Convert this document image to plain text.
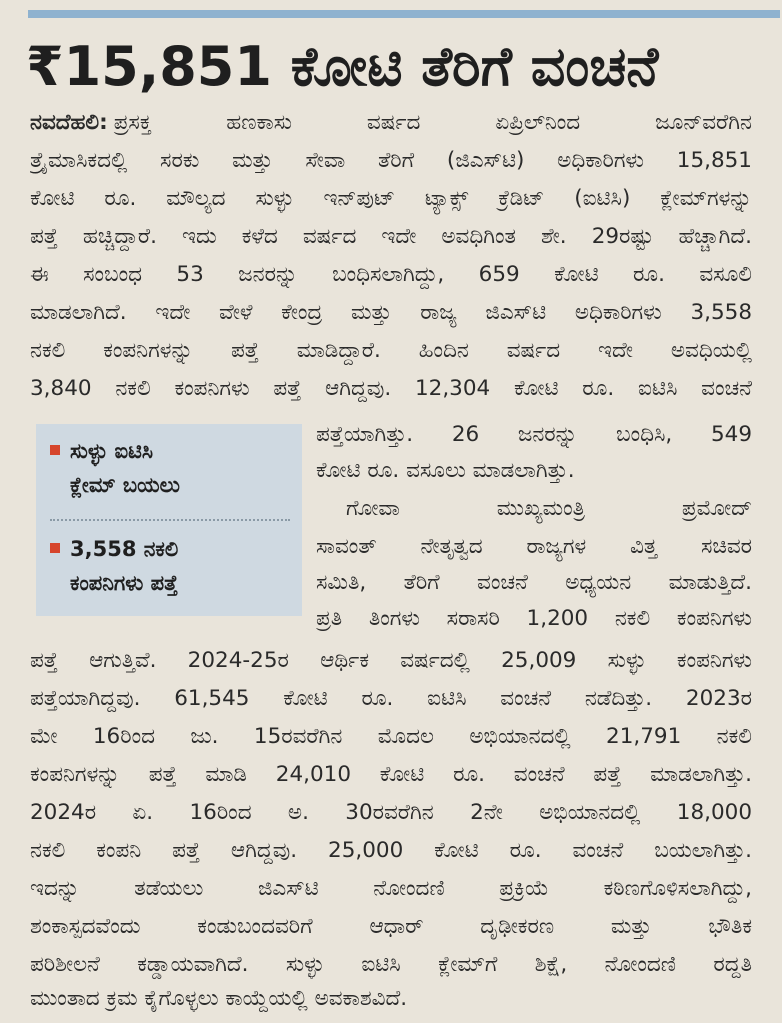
₹15,851 ಕೋಟಿ ತೆರಿಗೆ ವಂಚನೆ
ನವದೆಹಲಿ: ಪ್ರಸಕ್ತ ಹಣಕಾಸು ವರ್ಷದ ಏಪ್ರಿಲ್‌ನಿಂದ ಜೂನ್‌ವರೆಗಿನ
ತ್ರೈಮಾಸಿಕದಲ್ಲಿ ಸರಕು ಮತ್ತು ಸೇವಾ ತೆರಿಗೆ (ಜಿಎಸ್‌ಟಿ) ಅಧಿಕಾರಿಗಳು 15,851
ಕೋಟಿ ರೂ. ಮೌಲ್ಯದ ಸುಳ್ಳು ಇನ್‌ಪುಟ್ ಟ್ಯಾಕ್ಸ್ ಕ್ರೆಡಿಟ್ (ಐಟಿಸಿ) ಕ್ಲೇಮ್‌ಗಳನ್ನು
ಪತ್ತೆ ಹಚ್ಚಿದ್ದಾರೆ. ಇದು ಕಳೆದ ವರ್ಷದ ಇದೇ ಅವಧಿಗಿಂತ ಶೇ. 29ರಷ್ಟು ಹೆಚ್ಚಾಗಿದೆ.
ಈ ಸಂಬಂಧ 53 ಜನರನ್ನು ಬಂಧಿಸಲಾಗಿದ್ದು, 659 ಕೋಟಿ ರೂ. ವಸೂಲಿ
ಮಾಡಲಾಗಿದೆ. ಇದೇ ವೇಳೆ ಕೇಂದ್ರ ಮತ್ತು ರಾಜ್ಯ ಜಿಎಸ್‌ಟಿ ಅಧಿಕಾರಿಗಳು 3,558
ನಕಲಿ ಕಂಪನಿಗಳನ್ನು ಪತ್ತೆ ಮಾಡಿದ್ದಾರೆ. ಹಿಂದಿನ ವರ್ಷದ ಇದೇ ಅವಧಿಯಲ್ಲಿ
3,840 ನಕಲಿ ಕಂಪನಿಗಳು ಪತ್ತೆ ಆಗಿದ್ದವು. 12,304 ಕೋಟಿ ರೂ. ಐಟಿಸಿ ವಂಚನೆ
ಪತ್ತೆಯಾಗಿತ್ತು. 26 ಜನರನ್ನು ಬಂಧಿಸಿ, 549
ಕೋಟಿ ರೂ. ವಸೂಲು ಮಾಡಲಾಗಿತ್ತು.
ಗೋವಾ ಮುಖ್ಯಮಂತ್ರಿ ಪ್ರಮೋದ್
ಸಾವಂತ್ ನೇತೃತ್ವದ ರಾಜ್ಯಗಳ ವಿತ್ತ ಸಚಿವರ
ಸಮಿತಿ, ತೆರಿಗೆ ವಂಚನೆ ಅಧ್ಯಯನ ಮಾಡುತ್ತಿದೆ.
ಪ್ರತಿ ತಿಂಗಳು ಸರಾಸರಿ 1,200 ನಕಲಿ ಕಂಪನಿಗಳು
ಪತ್ತೆ ಆಗುತ್ತಿವೆ. 2024-25ರ ಆರ್ಥಿಕ ವರ್ಷದಲ್ಲಿ 25,009 ಸುಳ್ಳು ಕಂಪನಿಗಳು
ಪತ್ತೆಯಾಗಿದ್ದವು. 61,545 ಕೋಟಿ ರೂ. ಐಟಿಸಿ ವಂಚನೆ ನಡೆದಿತ್ತು. 2023ರ
ಮೇ 16ರಿಂದ ಜು. 15ರವರೆಗಿನ ಮೊದಲ ಅಭಿಯಾನದಲ್ಲಿ 21,791 ನಕಲಿ
ಕಂಪನಿಗಳನ್ನು ಪತ್ತೆ ಮಾಡಿ 24,010 ಕೋಟಿ ರೂ. ವಂಚನೆ ಪತ್ತೆ ಮಾಡಲಾಗಿತ್ತು.
2024ರ ಏ. 16ರಿಂದ ಅ. 30ರವರೆಗಿನ 2ನೇ ಅಭಿಯಾನದಲ್ಲಿ 18,000
ನಕಲಿ ಕಂಪನಿ ಪತ್ತೆ ಆಗಿದ್ದವು. 25,000 ಕೋಟಿ ರೂ. ವಂಚನೆ ಬಯಲಾಗಿತ್ತು.
ಇದನ್ನು ತಡೆಯಲು ಜಿಎಸ್‌ಟಿ ನೋಂದಣಿ ಪ್ರಕ್ರಿಯೆ ಕಠಿಣಗೊಳಿಸಲಾಗಿದ್ದು,
ಶಂಕಾಸ್ಪದವೆಂದು ಕಂಡುಬಂದವರಿಗೆ ಆಧಾರ್ ದೃಢೀಕರಣ ಮತ್ತು ಭೌತಿಕ
ಪರಿಶೀಲನೆ ಕಡ್ಡಾಯವಾಗಿದೆ. ಸುಳ್ಳು ಐಟಿಸಿ ಕ್ಲೇಮ್‌ಗೆ ಶಿಕ್ಷೆ, ನೋಂದಣಿ ರದ್ದತಿ
ಮುಂತಾದ ಕ್ರಮ ಕೈಗೊಳ್ಳಲು ಕಾಯ್ದೆಯಲ್ಲಿ ಅವಕಾಶವಿದೆ.
ಸುಳ್ಳು ಐಟಿಸಿ
ಕ್ಲೇಮ್ ಬಯಲು
3,558 ನಕಲಿ
ಕಂಪನಿಗಳು ಪತ್ತೆ
